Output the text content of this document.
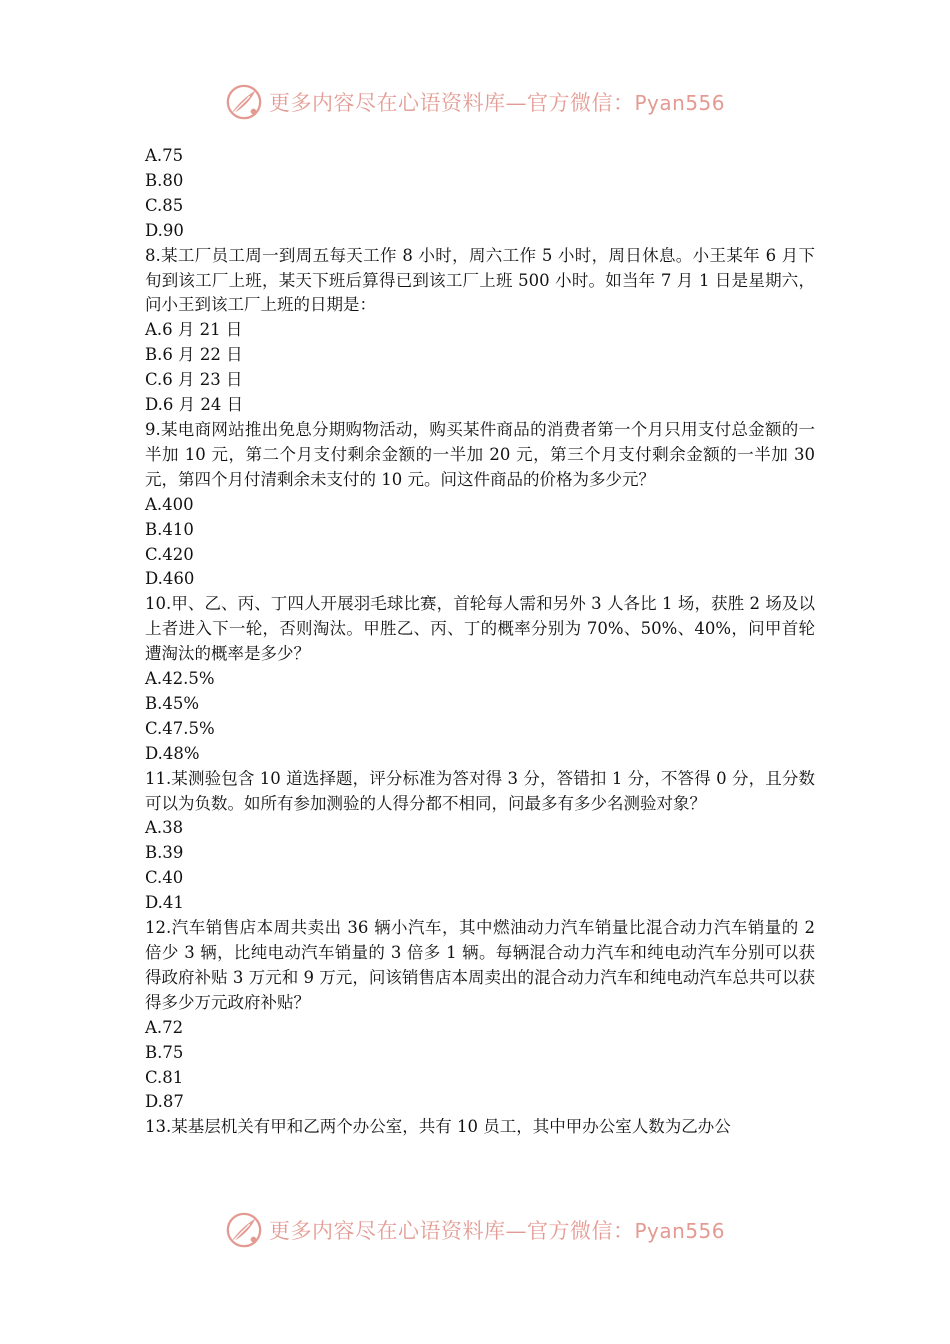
更多内容尽在心语资料库—官方微信：Pyan556

A.75

B.80

C.85

D.90

8.某工厂员工周一到周五每天工作 8 小时，周六工作 5 小时，周日休息。小王某年 6 月下旬到该工厂上班，某天下班后算得已到该工厂上班 500 小时。如当年 7 月 1 日是星期六，问小王到该工厂上班的日期是：

A.6 月 21 日

B.6 月 22 日

C.6 月 23 日

D.6 月 24 日

9.某电商网站推出免息分期购物活动，购买某件商品的消费者第一个月只用支付总金额的一半加 10 元，第二个月支付剩余金额的一半加 20 元，第三个月支付剩余金额的一半加 30 元，第四个月付清剩余未支付的 10 元。问这件商品的价格为多少元？

A.400

B.410

C.420

D.460

10.甲、乙、丙、丁四人开展羽毛球比赛，首轮每人需和另外 3 人各比 1 场，获胜 2 场及以上者进入下一轮，否则淘汰。甲胜乙、丙、丁的概率分别为 70%、50%、40%，问甲首轮遭淘汰的概率是多少？

A.42.5%

B.45%

C.47.5%

D.48%

11.某测验包含 10 道选择题，评分标准为答对得 3 分，答错扣 1 分，不答得 0 分，且分数可以为负数。如所有参加测验的人得分都不相同，问最多有多少名测验对象？

A.38

B.39

C.40

D.41

12.汽车销售店本周共卖出 36 辆小汽车，其中燃油动力汽车销量比混合动力汽车销量的 2 倍少 3 辆，比纯电动汽车销量的 3 倍多 1 辆。每辆混合动力汽车和纯电动汽车分别可以获得政府补贴 3 万元和 9 万元，问该销售店本周卖出的混合动力汽车和纯电动汽车总共可以获得多少万元政府补贴？

A.72

B.75

C.81

D.87

13.某基层机关有甲和乙两个办公室，共有 10 员工，其中甲办公室人数为乙办公

更多内容尽在心语资料库—官方微信：Pyan556
